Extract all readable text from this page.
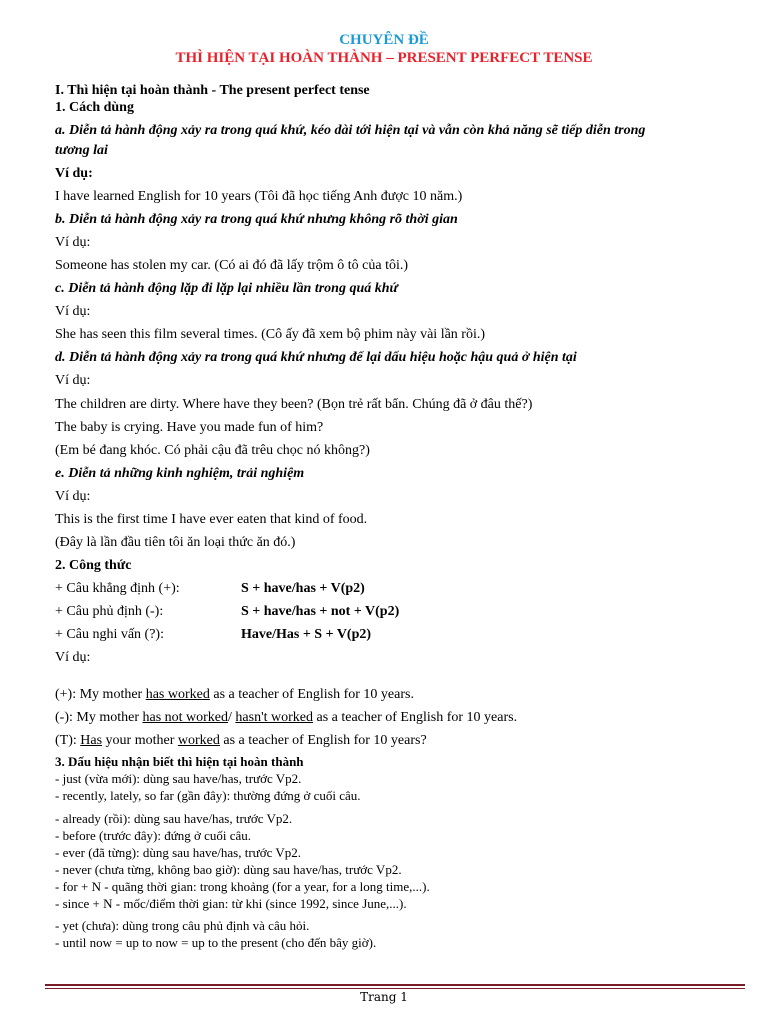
CHUYÊN ĐỀ
THÌ HIỆN TẠI HOÀN THÀNH – PRESENT PERFECT TENSE
I. Thì hiện tại hoàn thành - The present perfect tense
1. Cách dùng
a. Diễn tả hành động xảy ra trong quá khứ, kéo dài tới hiện tại và vẫn còn khả năng sẽ tiếp diễn trong
tương lai
Ví dụ:
I have learned English for 10 years (Tôi đã học tiếng Anh được 10 năm.)
b. Diễn tả hành động xảy ra trong quá khứ nhưng không rõ thời gian
Ví dụ:
Someone has stolen my car. (Có ai đó đã lấy trộm ô tô của tôi.)
c. Diễn tả hành động lặp đi lặp lại nhiều lần trong quá khứ
Ví dụ:
She has seen this film several times. (Cô ấy đã xem bộ phim này vài lần rồi.)
d. Diễn tả hành động xảy ra trong quá khứ nhưng để lại dấu hiệu hoặc hậu quả ở hiện tại
Ví dụ:
The children are dirty. Where have they been? (Bọn trẻ rất bẩn. Chúng đã ở đâu thế?)
The baby is crying. Have you made fun of him?
(Em bé đang khóc. Có phải cậu đã trêu chọc nó không?)
e. Diễn tả những kinh nghiệm, trải nghiệm
Ví dụ:
This is the first time I have ever eaten that kind of food.
(Đây là lần đầu tiên tôi ăn loại thức ăn đó.)
2. Công thức
+ Câu khẳng định (+):	S + have/has + V(p2)
+ Câu phủ định (-):	S + have/has + not + V(p2)
+ Câu nghi vấn (?):	Have/Has + S + V(p2)
Ví dụ:
(+): My mother has worked as a teacher of English for 10 years.
(-): My mother has not worked/ hasn't worked as a teacher of English for 10 years.
(T): Has your mother worked as a teacher of English for 10 years?
3. Dấu hiệu nhận biết thì hiện tại hoàn thành
- just (vừa mới): dùng sau have/has, trước Vp2.
- recently, lately, so far (gần đây): thường đứng ở cuối câu.
- already (rồi): dùng sau have/has, trước Vp2.
- before (trước đây): đứng ở cuối câu.
- ever (đã từng): dùng sau have/has, trước Vp2.
- never (chưa từng, không bao giờ): dùng sau have/has, trước Vp2.
- for + N - quãng thời gian: trong khoảng (for a year, for a long time,...).
- since + N - mốc/điểm thời gian: từ khi (since 1992, since June,...).
- yet (chưa): dùng trong câu phủ định và câu hỏi.
- until now = up to now = up to the present (cho đến bây giờ).
Trang 1
